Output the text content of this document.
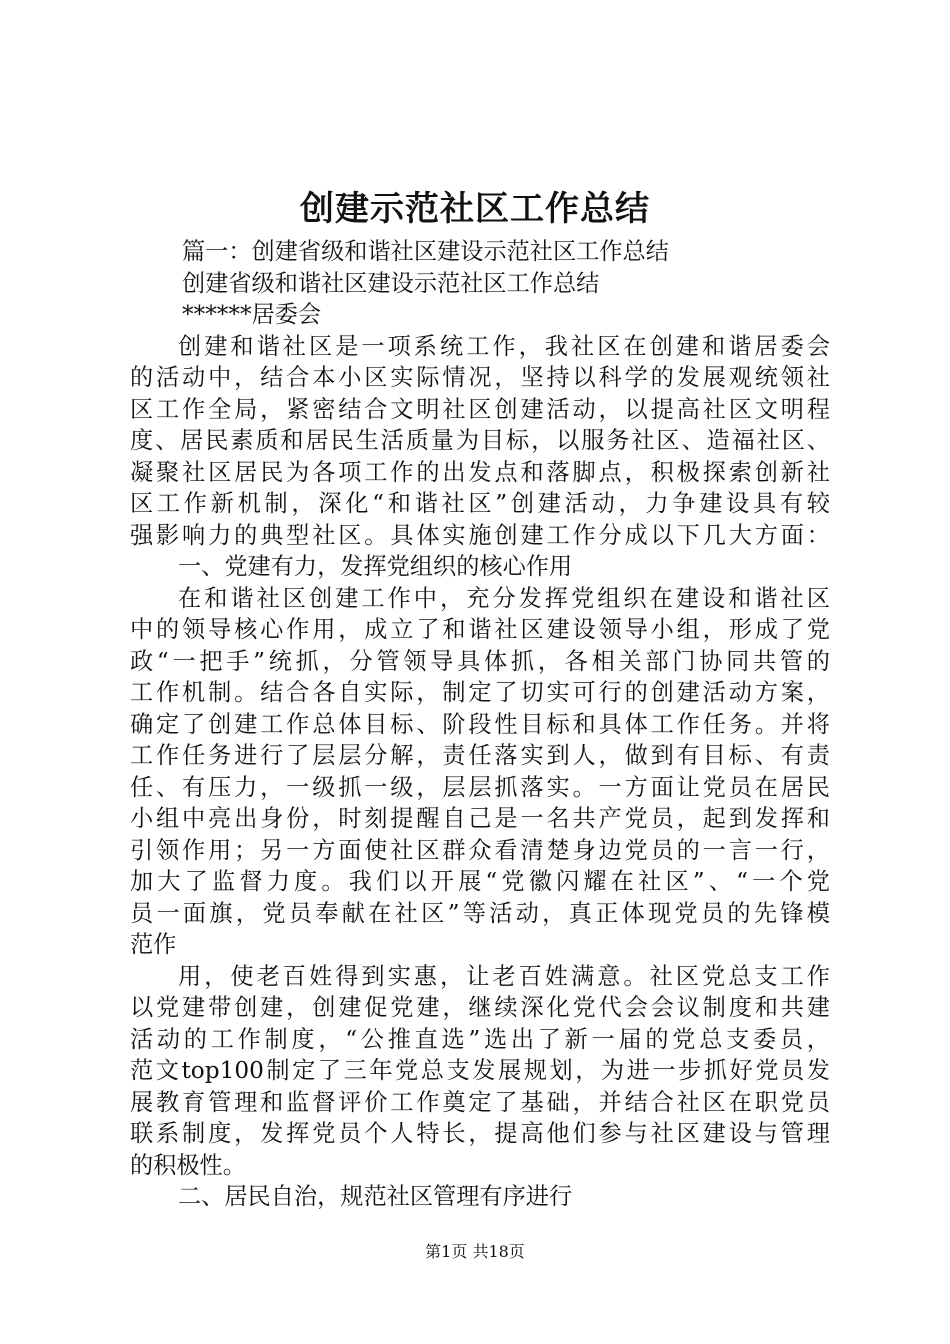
创建示范社区工作总结
篇一：创建省级和谐社区建设示范社区工作总结
创建省级和谐社区建设示范社区工作总结
******居委会
创建和谐社区是一项系统工作，我社区在创建和谐居委会
的活动中，结合本小区实际情况，坚持以科学的发展观统领社
区工作全局，紧密结合文明社区创建活动，以提高社区文明程
度、居民素质和居民生活质量为目标，以服务社区、造福社区、
凝聚社区居民为各项工作的出发点和落脚点，积极探索创新社
区工作新机制，深化“和谐社区”创建活动，力争建设具有较
强影响力的典型社区。具体实施创建工作分成以下几大方面：
一、党建有力，发挥党组织的核心作用
在和谐社区创建工作中，充分发挥党组织在建设和谐社区
中的领导核心作用，成立了和谐社区建设领导小组，形成了党
政“一把手”统抓，分管领导具体抓，各相关部门协同共管的
工作机制。结合各自实际，制定了切实可行的创建活动方案，
确定了创建工作总体目标、阶段性目标和具体工作任务。并将
工作任务进行了层层分解，责任落实到人，做到有目标、有责
任、有压力，一级抓一级，层层抓落实。一方面让党员在居民
小组中亮出身份，时刻提醒自己是一名共产党员，起到发挥和
引领作用；另一方面使社区群众看清楚身边党员的一言一行，
加大了监督力度。我们以开展“党徽闪耀在社区”、“一个党
员一面旗，党员奉献在社区”等活动，真正体现党员的先锋模
范作
用，使老百姓得到实惠，让老百姓满意。社区党总支工作
以党建带创建，创建促党建，继续深化党代会会议制度和共建
活动的工作制度，“公推直选”选出了新一届的党总支委员，
范文top100制定了三年党总支发展规划，为进一步抓好党员发
展教育管理和监督评价工作奠定了基础，并结合社区在职党员
联系制度，发挥党员个人特长，提高他们参与社区建设与管理
的积极性。
二、居民自治，规范社区管理有序进行
第1页 共18页
